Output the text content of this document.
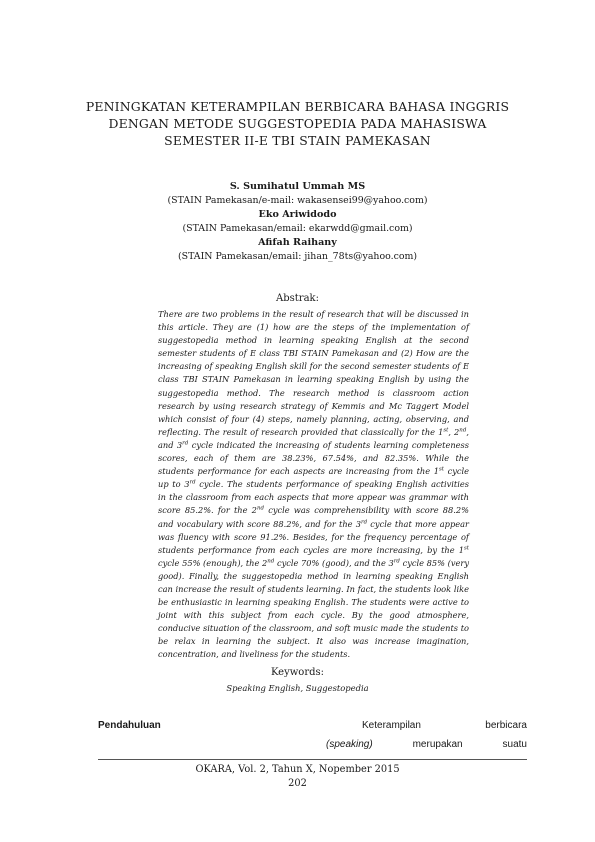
PENINGKATAN KETERAMPILAN BERBICARA BAHASA INGGRIS
DENGAN METODE SUGGESTOPEDIA PADA MAHASISWA
SEMESTER II-E TBI STAIN PAMEKASAN
S. Sumihatul Ummah MS
(STAIN Pamekasan/e-mail: wakasensei99@yahoo.com)
Eko Ariwidodo
(STAIN Pamekasan/email: ekarwdd@gmail.com)
Afifah Raihany
(STAIN Pamekasan/email: jihan_78ts@yahoo.com)
Abstrak:
There are two problems in the result of research that will be discussed in this article. They are (1) how are the steps of the implementation of suggestopedia method in learning speaking English at the second semester students of E class TBI STAIN Pamekasan and (2) How are the increasing of speaking English skill for the second semester students of E class TBI STAIN Pamekasan in learning speaking English by using the suggestopedia method. The research method is classroom action research by using research strategy of Kemmis and Mc Taggert Model which consist of four (4) steps, namely planning, acting, observing, and reflecting. The result of research provided that classically for the 1st, 2nd, and 3rd cycle indicated the increasing of students learning completeness scores, each of them are 38.23%, 67.54%, and 82.35%. While the students performance for each aspects are increasing from the 1st cycle up to 3rd cycle. The students performance of speaking English activities in the classroom from each aspects that more appear was grammar with score 85.2%. for the 2nd cycle was comprehensibility with score 88.2% and vocabulary with score 88.2%, and for the 3rd cycle that more appear was fluency with score 91.2%. Besides, for the frequency percentage of students performance from each cycles are more increasing, by the 1st cycle 55% (enough), the 2nd cycle 70% (good), and the 3rd cycle 85% (very good). Finally, the suggestopedia method in learning speaking English can increase the result of students learning. In fact, the students look like be enthusiastic in learning speaking English. The students were active to joint with this subject from each cycle. By the good atmosphere, conducive situation of the classroom, and soft music made the students to be relax in learning the subject. It also was increase imagination, concentration, and liveliness for the students.
Keywords:
Speaking English, Suggestopedia
Pendahuluan	Keterampilan	berbicara
(speaking)	merupakan	suatu
OKARA, Vol. 2, Tahun X, Nopember 2015
202
